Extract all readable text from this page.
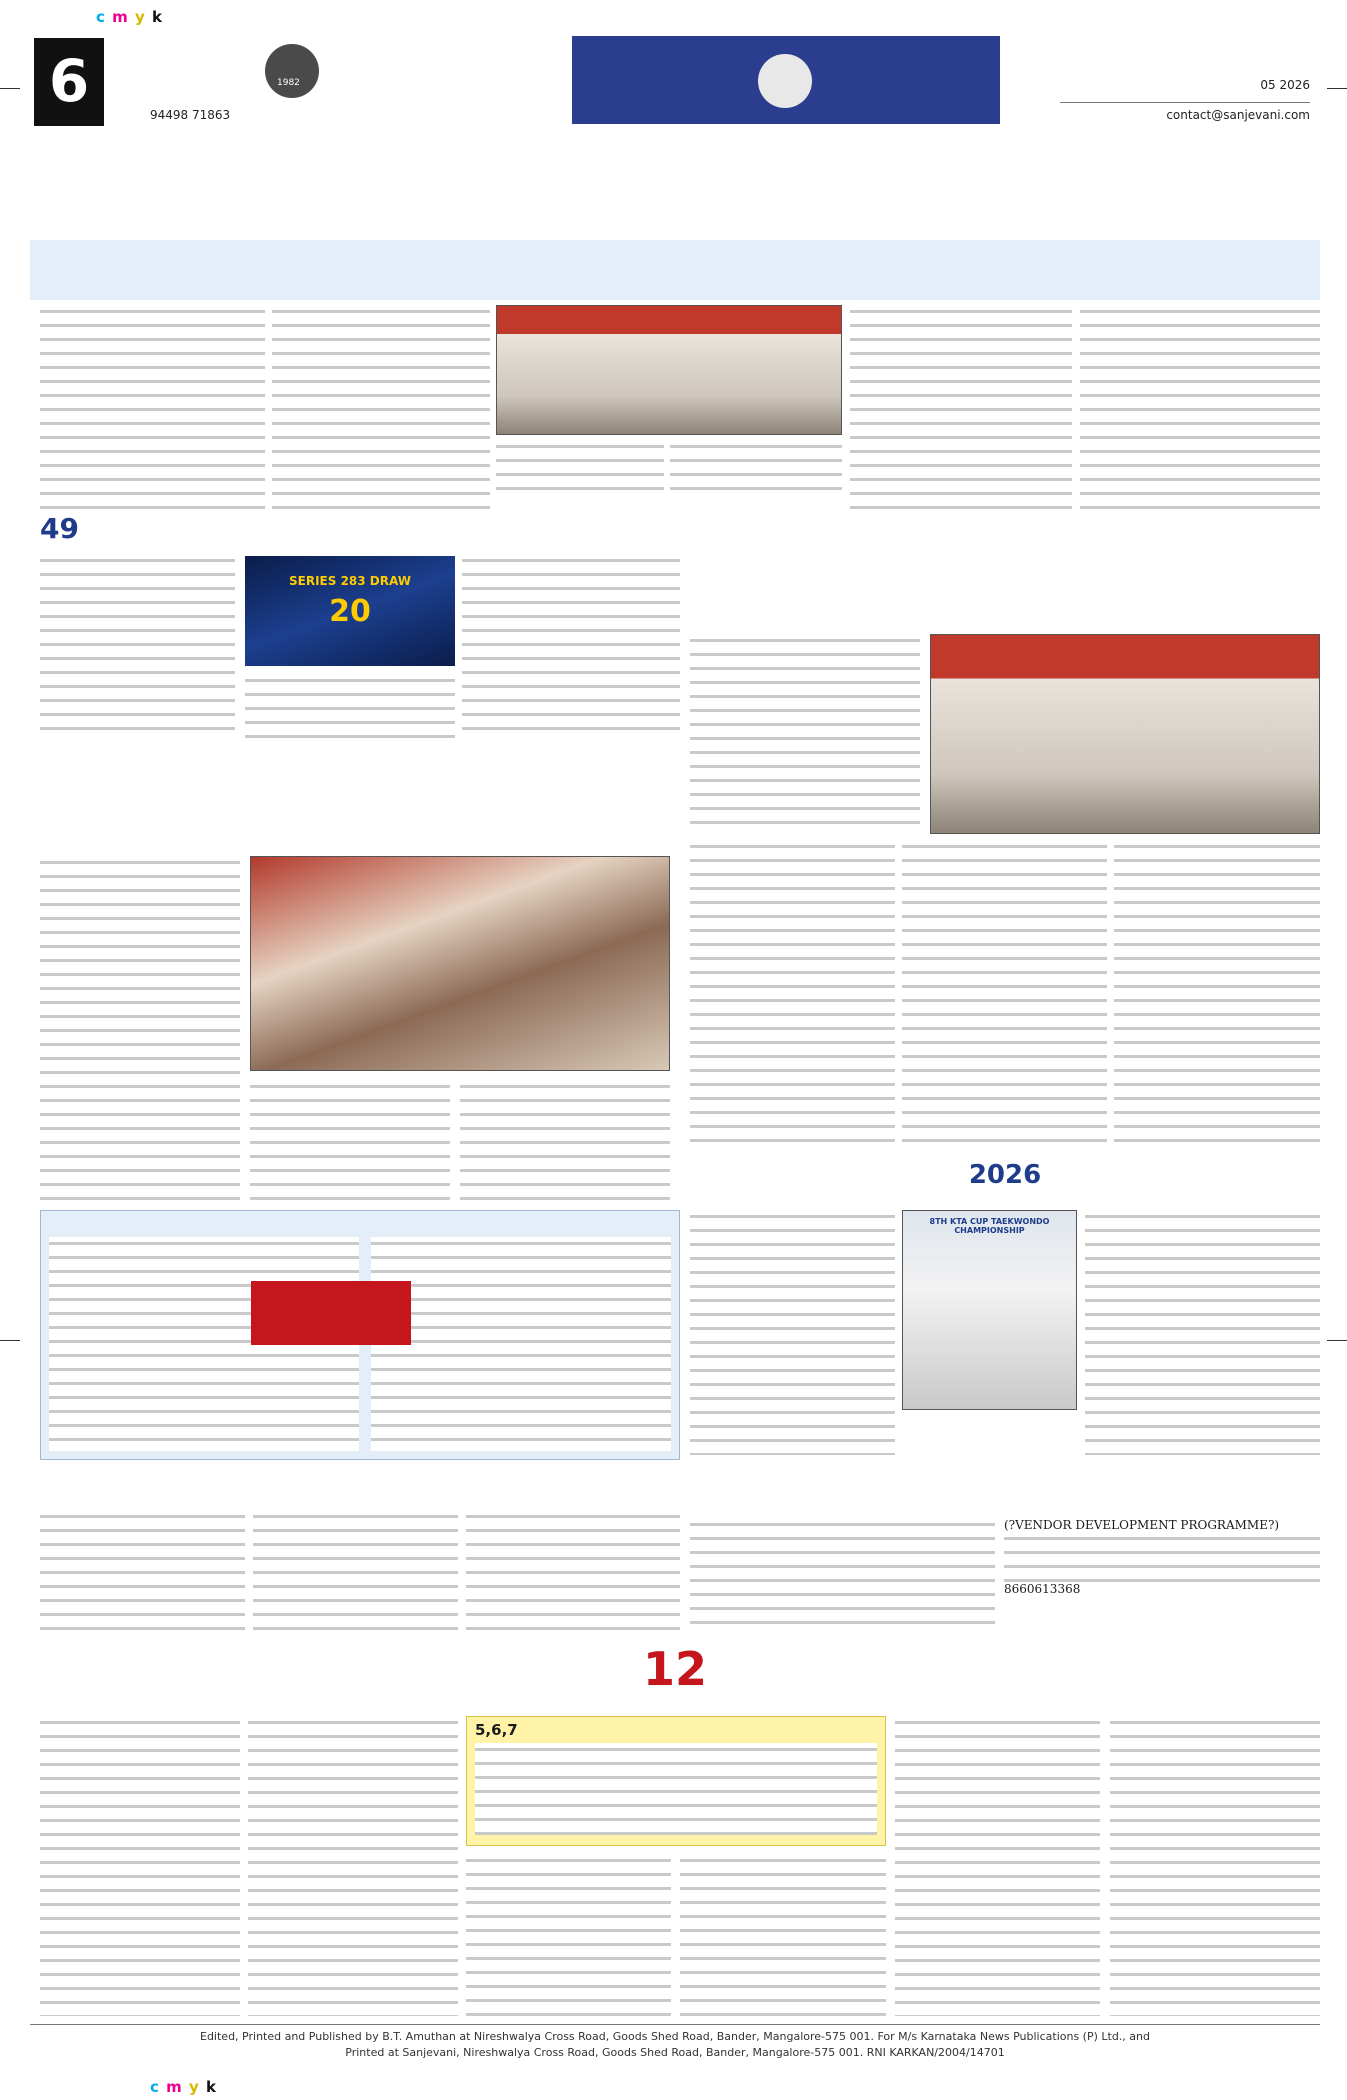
c m y k
c m y k
6	1982
94498 71863
05 2026
contact@sanjevani.com
49
SERIES 283 DRAW
20
2026
8TH KTA CUP TAEKWONDO CHAMPIONSHIP
(?VENDOR DEVELOPMENT PROGRAMME?)
8660613368
12
5,6,7
Edited, Printed and Published by B.T. Amuthan at Nireshwalya Cross Road, Goods Shed Road, Bander, Mangalore-575 001. For M/s Karnataka News Publications (P) Ltd., and
Printed at Sanjevani, Nireshwalya Cross Road, Goods Shed Road, Bander, Mangalore-575 001. RNI KARKAN/2004/14701
